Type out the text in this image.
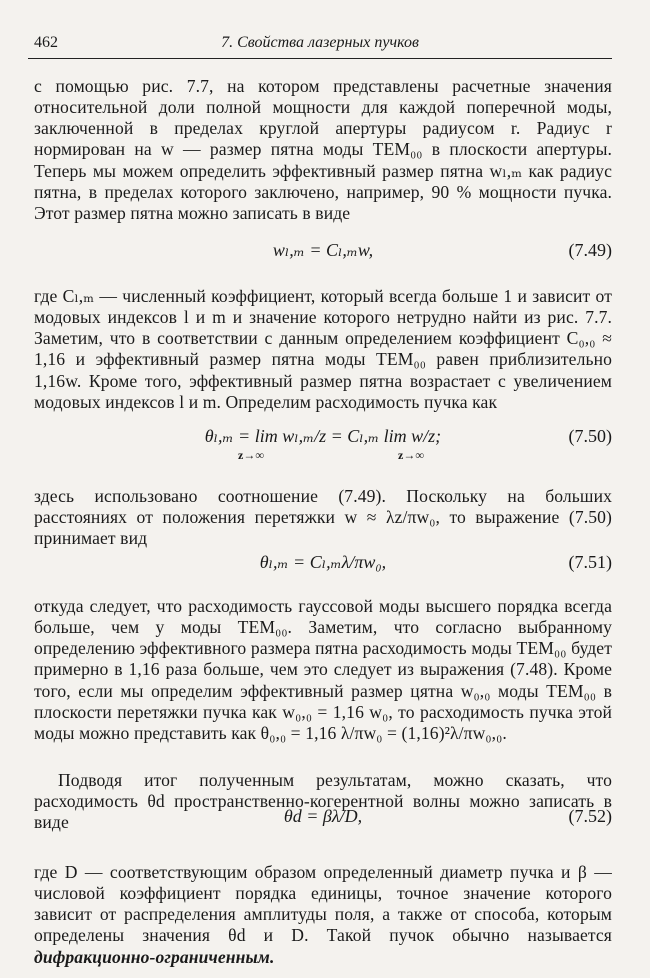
462	7. Свойства лазерных пучков

с помощью рис. 7.7, на котором представлены расчетные значения относительной доли полной мощности для каждой поперечной моды, заключенной в пределах круглой апертуры радиусом r. Радиус r нормирован на w — размер пятна моды TEM₀₀ в плоскости апертуры. Теперь мы можем определить эффективный размер пятна wₗ,ₘ как радиус пятна, в пределах которого заключено, например, 90 % мощности пучка. Этот размер пятна можно записать в виде

wₗ,ₘ = Cₗ,ₘw,	(7.49)

где Cₗ,ₘ — численный коэффициент, который всегда больше 1 и зависит от модовых индексов l и m и значение которого нетрудно найти из рис. 7.7. Заметим, что в соответствии с данным определением коэффициент C₀,₀ ≈ 1,16 и эффективный размер пятна моды TEM₀₀ равен приблизительно 1,16w. Кроме того, эффективный размер пятна возрастает с увеличением модовых индексов l и m. Определим расходимость пучка как

θₗ,ₘ = lim wₗ,ₘ/z = Cₗ,ₘ lim w/z;
z→∞	z→∞
(7.50)

здесь использовано соотношение (7.49). Поскольку на больших расстояниях от положения перетяжки w ≈ λz/πw₀, то выражение (7.50) принимает вид

θₗ,ₘ = Cₗ,ₘλ/πw₀,	(7.51)

откуда следует, что расходимость гауссовой моды высшего порядка всегда больше, чем у моды TEM₀₀. Заметим, что согласно выбранному определению эффективного размера пятна расходимость моды TEM₀₀ будет примерно в 1,16 раза больше, чем это следует из выражения (7.48). Кроме того, если мы определим эффективный размер цятна w₀,₀ моды TEM₀₀ в плоскости перетяжки пучка как w₀,₀ = 1,16 w₀, то расходимость пучка этой моды можно представить как θ₀,₀ = 1,16 λ/πw₀ = (1,16)²λ/πw₀,₀.

Подводя итог полученным результатам, можно сказать, что расходимость θd пространственно-когерентной волны можно записать в виде	θd = βλ/D,	(7.52)

где D — соответствующим образом определенный диаметр пучка и β — числовой коэффициент порядка единицы, точное значение которого зависит от распределения амплитуды поля, а также от способа, которым определены значения θd и D. Такой пучок обычно называется дифракционно-ограниченным.
